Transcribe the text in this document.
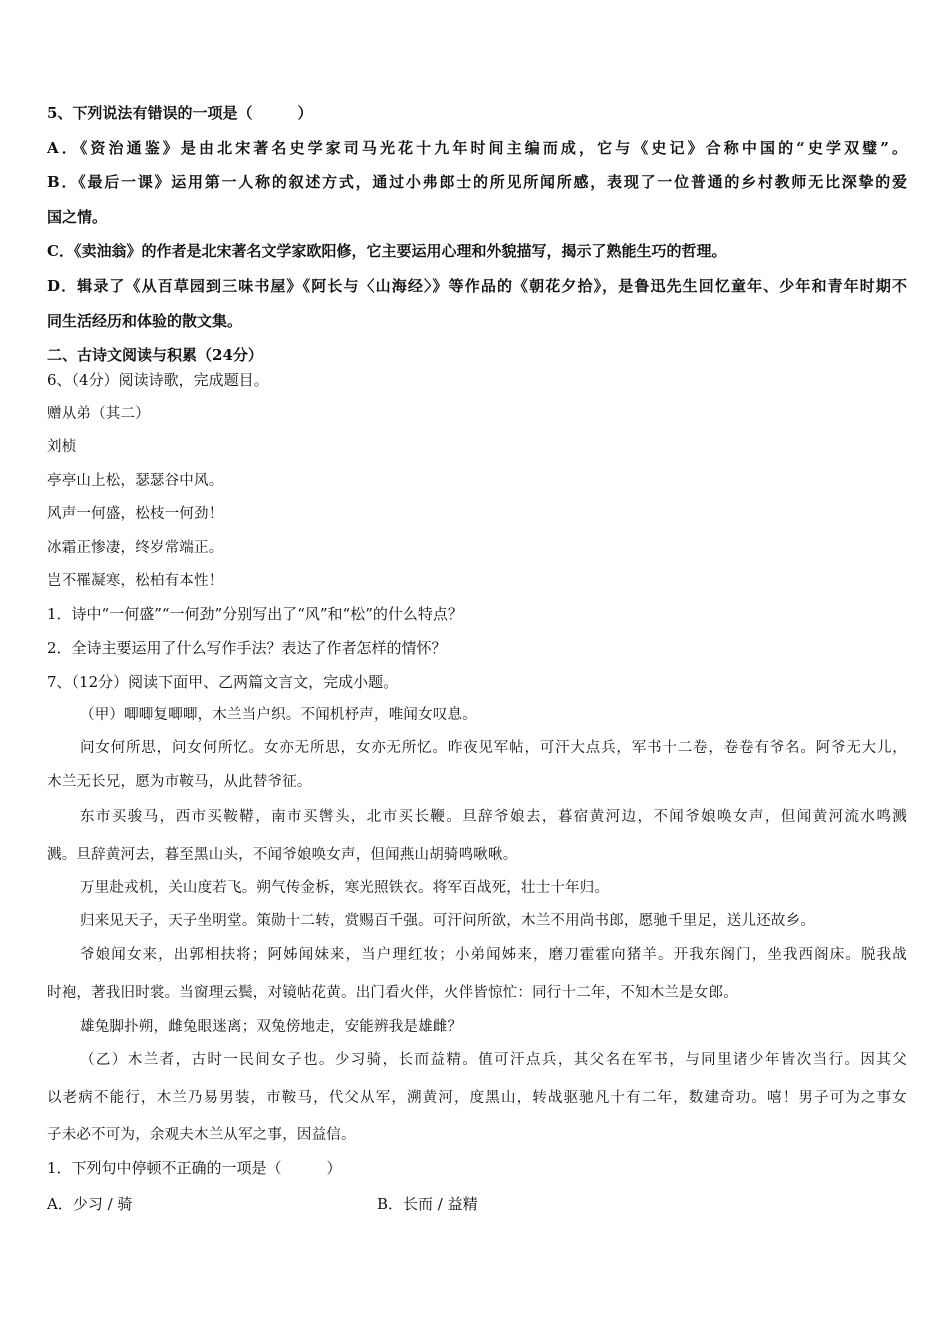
5、下列说法有错误的一项是（　　　）
A．《资治通鉴》是由北宋著名史学家司马光花十九年时间主编而成，它与《史记》合称中国的“史学双璧”。
B．《最后一课》运用第一人称的叙述方式，通过小弗郎士的所见所闻所感，表现了一位普通的乡村教师无比深挚的爱
国之情。
C．《卖油翁》的作者是北宋著名文学家欧阳修，它主要运用心理和外貌描写，揭示了熟能生巧的哲理。
D．辑录了《从百草园到三味书屋》《阿长与〈山海经〉》等作品的《朝花夕拾》，是鲁迅先生回忆童年、少年和青年时期不
同生活经历和体验的散文集。
二、古诗文阅读与积累（24分）
6、（4分）阅读诗歌，完成题目。
赠从弟（其二）
刘桢
亭亭山上松，瑟瑟谷中风。
风声一何盛，松枝一何劲！
冰霜正惨凄，终岁常端正。
岂不罹凝寒，松柏有本性！
1．诗中“一何盛”“一何劲”分别写出了“风”和“松”的什么特点？
2．全诗主要运用了什么写作手法？表达了作者怎样的情怀？
7、（12分）阅读下面甲、乙两篇文言文，完成小题。
（甲）唧唧复唧唧，木兰当户织。不闻机杼声，唯闻女叹息。
问女何所思，问女何所忆。女亦无所思，女亦无所忆。昨夜见军帖，可汗大点兵，军书十二卷，卷卷有爷名。阿爷无大儿，
木兰无长兄，愿为市鞍马，从此替爷征。
东市买骏马，西市买鞍鞯，南市买辔头，北市买长鞭。旦辞爷娘去，暮宿黄河边，不闻爷娘唤女声，但闻黄河流水鸣溅
溅。旦辞黄河去，暮至黑山头，不闻爷娘唤女声，但闻燕山胡骑鸣啾啾。
万里赴戎机，关山度若飞。朔气传金柝，寒光照铁衣。将军百战死，壮士十年归。
归来见天子，天子坐明堂。策勋十二转，赏赐百千强。可汗问所欲，木兰不用尚书郎，愿驰千里足，送儿还故乡。
爷娘闻女来，出郭相扶将；阿姊闻妹来，当户理红妆；小弟闻姊来，磨刀霍霍向猪羊。开我东阁门，坐我西阁床。脱我战
时袍，著我旧时裳。当窗理云鬓，对镜帖花黄。出门看火伴，火伴皆惊忙：同行十二年，不知木兰是女郎。
雄兔脚扑朔，雌兔眼迷离；双兔傍地走，安能辨我是雄雌？
（乙）木兰者，古时一民间女子也。少习骑，长而益精。值可汗点兵，其父名在军书，与同里诸少年皆次当行。因其父
以老病不能行，木兰乃易男装，市鞍马，代父从军，溯黄河，度黑山，转战驱驰凡十有二年，数建奇功。嘻！男子可为之事女
子未必不可为，余观夫木兰从军之事，因益信。
1．下列句中停顿不正确的一项是（　　　）
A．少习 / 骑	B．长而 / 益精
